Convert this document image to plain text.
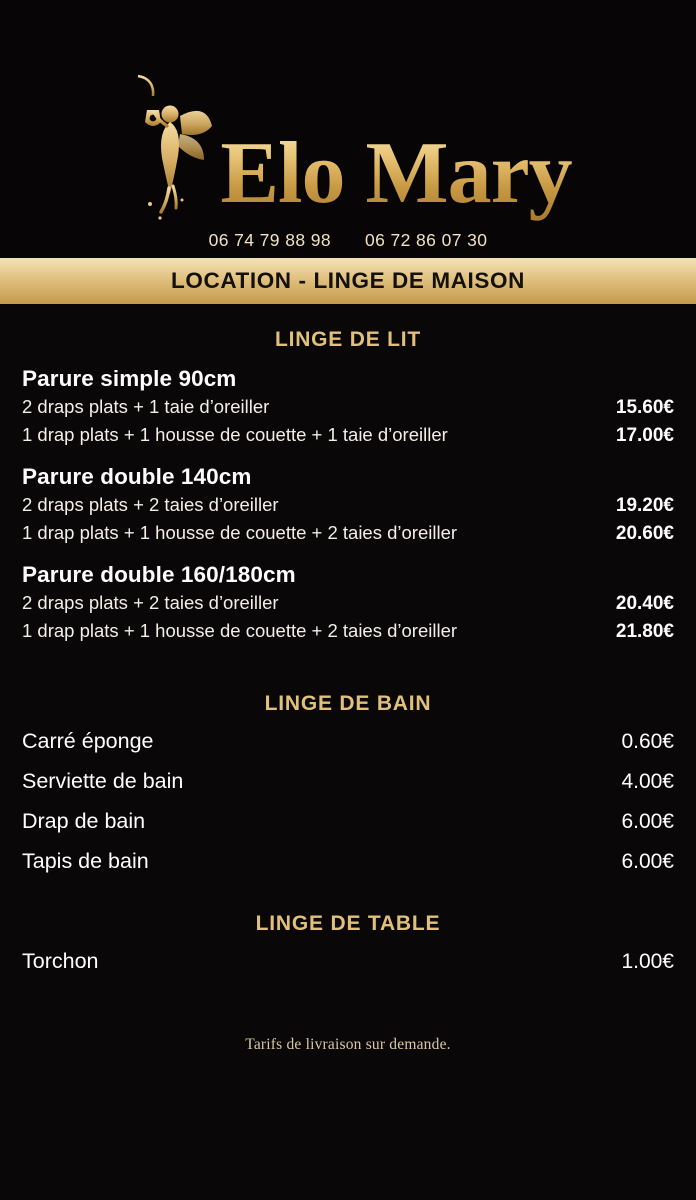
Elo Mary
06 74 79 88 98 06 72 86 07 30
LOCATION - LINGE DE MAISON
LINGE DE LIT
Parure simple 90cm
2 draps plats + 1 taie d’oreiller	15.60€
1 drap plats + 1 housse de couette + 1 taie d’oreiller	17.00€
Parure double 140cm
2 draps plats + 2 taies d’oreiller	19.20€
1 drap plats + 1 housse de couette + 2 taies d’oreiller	20.60€
Parure double 160/180cm
2 draps plats + 2 taies d’oreiller	20.40€
1 drap plats + 1 housse de couette + 2 taies d’oreiller	21.80€
LINGE DE BAIN
Carré éponge	0.60€
Serviette de bain	4.00€
Drap de bain	6.00€
Tapis de bain	6.00€
LINGE DE TABLE
Torchon	1.00€
Tarifs de livraison sur demande.
